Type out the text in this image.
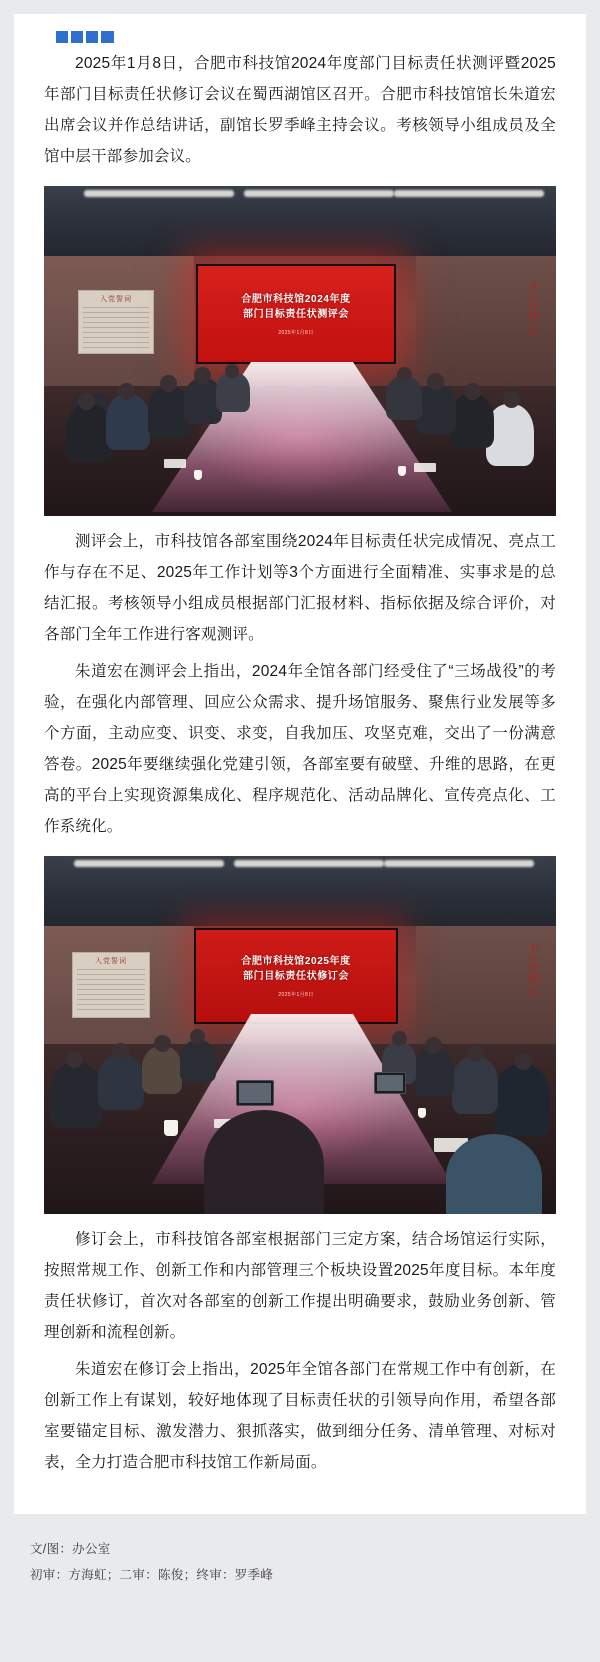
2025年1月8日，合肥市科技馆2024年度部门目标责任状测评暨2025年部门目标责任状修订会议在蜀西湖馆区召开。合肥市科技馆馆长朱道宏出席会议并作总结讲话，副馆长罗季峰主持会议。考核领导小组成员及全馆中层干部参加会议。

入党誓词	合肥市科技馆2024年度
部门目标责任状测评会
2025年1月8日	不忘初心

测评会上，市科技馆各部室围绕2024年目标责任状完成情况、亮点工作与存在不足、2025年工作计划等3个方面进行全面精准、实事求是的总结汇报。考核领导小组成员根据部门汇报材料、指标依据及综合评价，对各部门全年工作进行客观测评。

朱道宏在测评会上指出，2024年全馆各部门经受住了“三场战役”的考验，在强化内部管理、回应公众需求、提升场馆服务、聚焦行业发展等多个方面，主动应变、识变、求变，自我加压、攻坚克难，交出了一份满意答卷。2025年要继续强化党建引领，各部室要有破壁、升维的思路，在更高的平台上实现资源集成化、程序规范化、活动品牌化、宣传亮点化、工作系统化。

入党誓词	合肥市科技馆2025年度
部门目标责任状修订会
2025年1月8日	不忘初心

修订会上，市科技馆各部室根据部门三定方案，结合场馆运行实际，按照常规工作、创新工作和内部管理三个板块设置2025年度目标。本年度责任状修订，首次对各部室的创新工作提出明确要求，鼓励业务创新、管理创新和流程创新。

朱道宏在修订会上指出，2025年全馆各部门在常规工作中有创新，在创新工作上有谋划，较好地体现了目标责任状的引领导向作用，希望各部室要锚定目标、激发潜力、狠抓落实，做到细分任务、清单管理、对标对表，全力打造合肥市科技馆工作新局面。

文/图：办公室
初审：方海虹；二审：陈俊；终审：罗季峰
